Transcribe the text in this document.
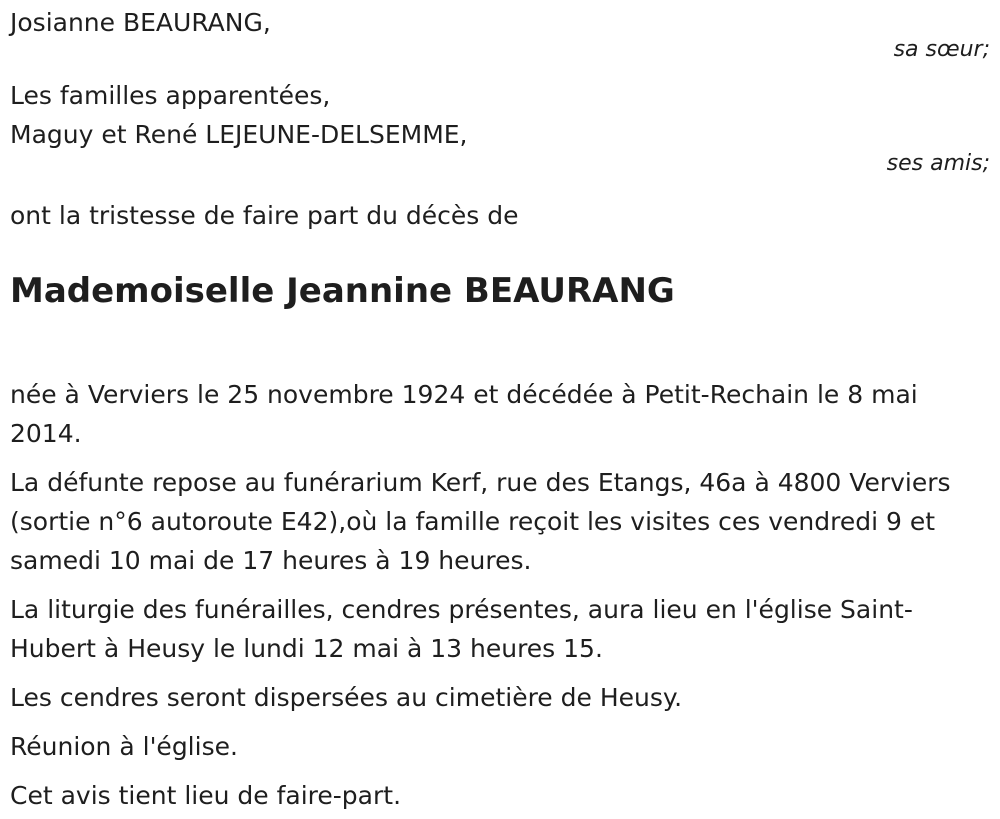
Josianne BEAURANG,
sa sœur;
Les familles apparentées,
Maguy et René LEJEUNE-DELSEMME,
ses amis;
ont la tristesse de faire part du décès de
Mademoiselle Jeannine BEAURANG
née à Verviers le 25 novembre 1924 et décédée à Petit-Rechain le 8 mai 2014.
La défunte repose au funérarium Kerf, rue des Etangs, 46a à 4800 Verviers (sortie n°6 autoroute E42),où la famille reçoit les visites ces vendredi 9 et samedi 10 mai de 17 heures à 19 heures.
La liturgie des funérailles, cendres présentes, aura lieu en l'église Saint-Hubert à Heusy le lundi 12 mai à 13 heures 15.
Les cendres seront dispersées au cimetière de Heusy.
Réunion à l'église.
Cet avis tient lieu de faire-part.
